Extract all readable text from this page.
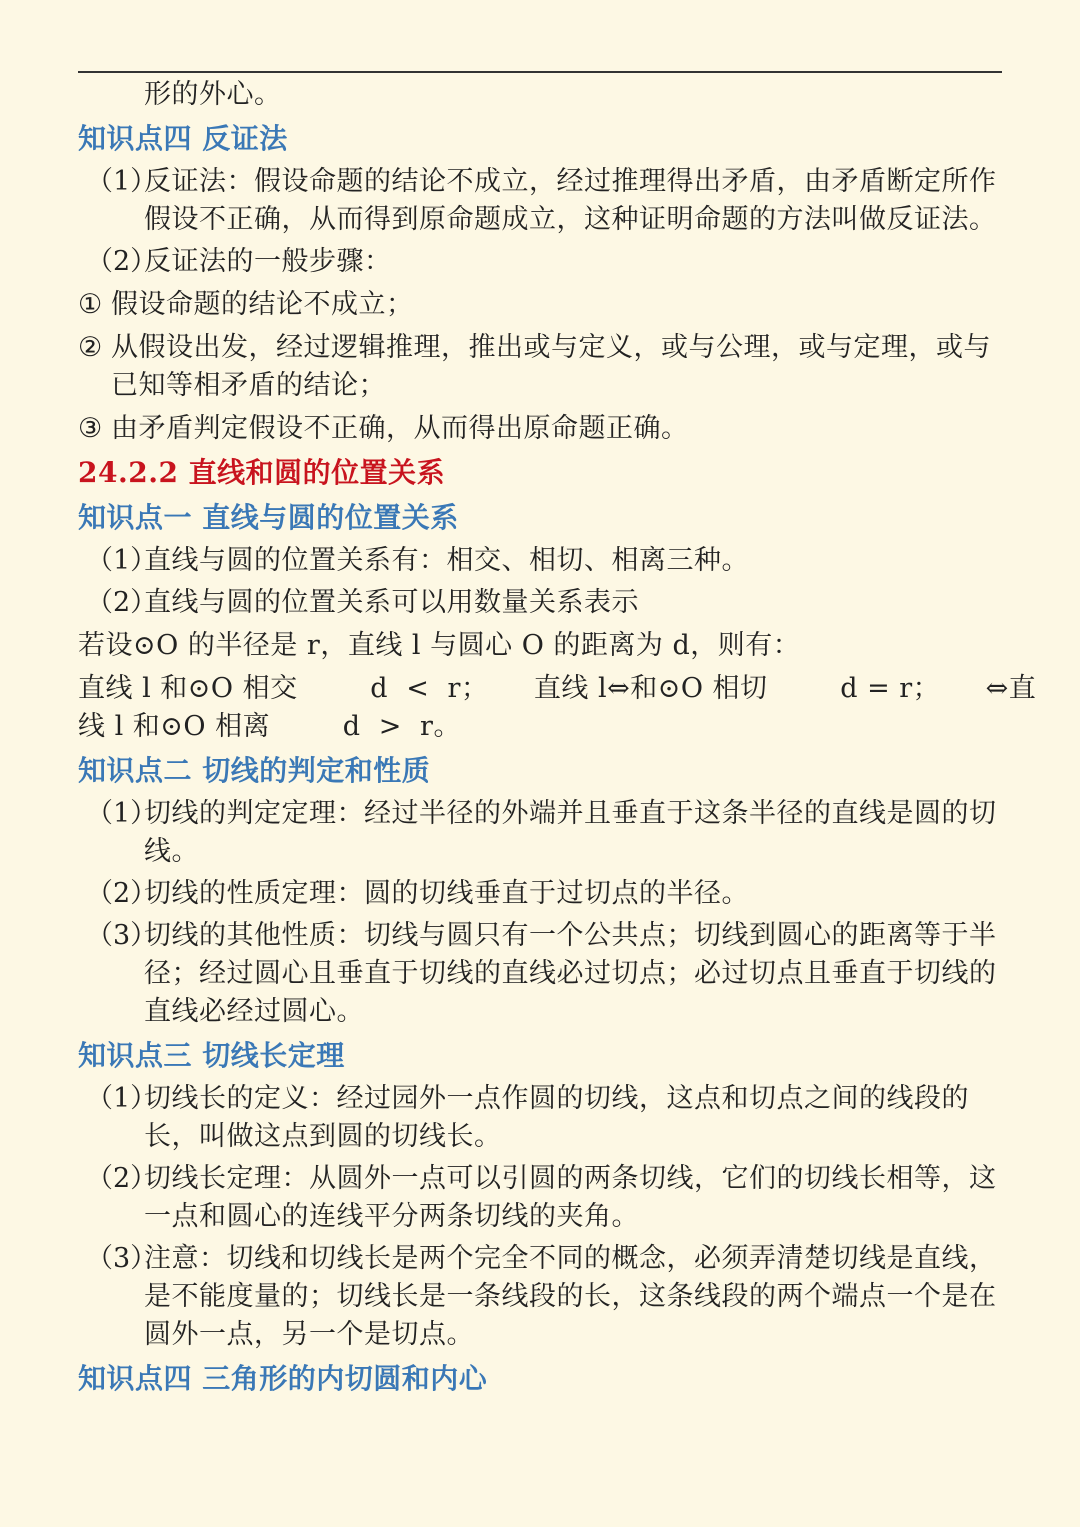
形的外心。
知识点四 反证法
（1）
反证法：假设命题的结论不成立，经过推理得出矛盾，由矛盾断定所作假设不正确，从而得到原命题成立，这种证明命题的方法叫做反证法。
（2）
反证法的一般步骤：
① 假设命题的结论不成立；
② 从假设出发，经过逻辑推理，推出或与定义，或与公理，或与定理，或与已知等相矛盾的结论；
③ 由矛盾判定假设不正确，从而得出原命题正确。
24.2.2 直线和圆的位置关系
知识点一 直线与圆的位置关系
（1）
直线与圆的位置关系有：相交、相切、相离三种。
（2）
直线与圆的位置关系可以用数量关系表示
若设⊙O 的半径是 r，直线 l 与圆心 O 的距离为 d，则有：
直线 l 和⊙O 相交        d  <  r；     直线 l⇔和⊙O 相切        d = r；     ⇔直
线 l 和⊙O 相离        d  >  r。
知识点二 切线的判定和性质
（1）
切线的判定定理：经过半径的外端并且垂直于这条半径的直线是圆的切线。
（2）
切线的性质定理：圆的切线垂直于过切点的半径。
（3）
切线的其他性质：切线与圆只有一个公共点；切线到圆心的距离等于半径；经过圆心且垂直于切线的直线必过切点；必过切点且垂直于切线的直线必经过圆心。
知识点三 切线长定理
（1）
切线长的定义：经过园外一点作圆的切线，这点和切点之间的线段的长，叫做这点到圆的切线长。
（2）
切线长定理：从圆外一点可以引圆的两条切线，它们的切线长相等，这一点和圆心的连线平分两条切线的夹角。
（3）
注意：切线和切线长是两个完全不同的概念，必须弄清楚切线是直线，是不能度量的；切线长是一条线段的长，这条线段的两个端点一个是在圆外一点，另一个是切点。
知识点四 三角形的内切圆和内心
